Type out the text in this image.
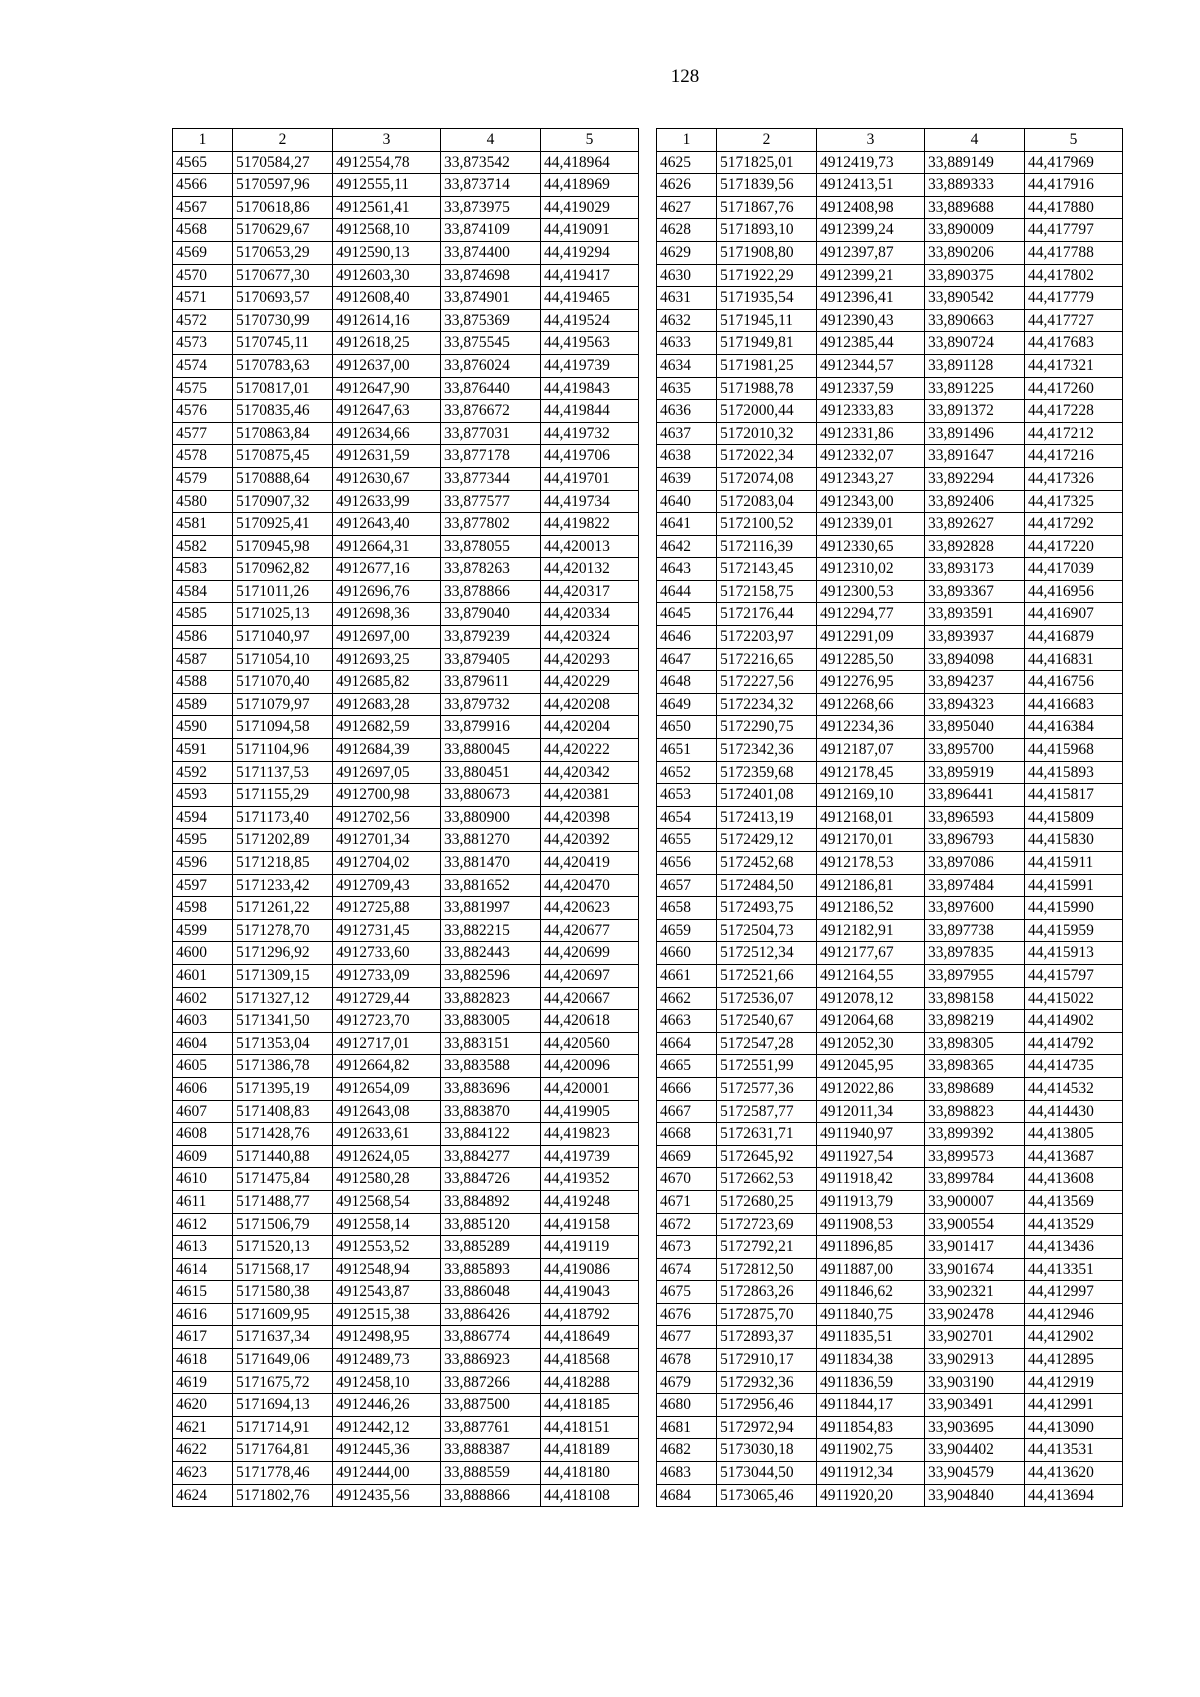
128
1	2	3	4	5
4565	5170584,27	4912554,78	33,873542	44,418964
4566	5170597,96	4912555,11	33,873714	44,418969
4567	5170618,86	4912561,41	33,873975	44,419029
4568	5170629,67	4912568,10	33,874109	44,419091
4569	5170653,29	4912590,13	33,874400	44,419294
4570	5170677,30	4912603,30	33,874698	44,419417
4571	5170693,57	4912608,40	33,874901	44,419465
4572	5170730,99	4912614,16	33,875369	44,419524
4573	5170745,11	4912618,25	33,875545	44,419563
4574	5170783,63	4912637,00	33,876024	44,419739
4575	5170817,01	4912647,90	33,876440	44,419843
4576	5170835,46	4912647,63	33,876672	44,419844
4577	5170863,84	4912634,66	33,877031	44,419732
4578	5170875,45	4912631,59	33,877178	44,419706
4579	5170888,64	4912630,67	33,877344	44,419701
4580	5170907,32	4912633,99	33,877577	44,419734
4581	5170925,41	4912643,40	33,877802	44,419822
4582	5170945,98	4912664,31	33,878055	44,420013
4583	5170962,82	4912677,16	33,878263	44,420132
4584	5171011,26	4912696,76	33,878866	44,420317
4585	5171025,13	4912698,36	33,879040	44,420334
4586	5171040,97	4912697,00	33,879239	44,420324
4587	5171054,10	4912693,25	33,879405	44,420293
4588	5171070,40	4912685,82	33,879611	44,420229
4589	5171079,97	4912683,28	33,879732	44,420208
4590	5171094,58	4912682,59	33,879916	44,420204
4591	5171104,96	4912684,39	33,880045	44,420222
4592	5171137,53	4912697,05	33,880451	44,420342
4593	5171155,29	4912700,98	33,880673	44,420381
4594	5171173,40	4912702,56	33,880900	44,420398
4595	5171202,89	4912701,34	33,881270	44,420392
4596	5171218,85	4912704,02	33,881470	44,420419
4597	5171233,42	4912709,43	33,881652	44,420470
4598	5171261,22	4912725,88	33,881997	44,420623
4599	5171278,70	4912731,45	33,882215	44,420677
4600	5171296,92	4912733,60	33,882443	44,420699
4601	5171309,15	4912733,09	33,882596	44,420697
4602	5171327,12	4912729,44	33,882823	44,420667
4603	5171341,50	4912723,70	33,883005	44,420618
4604	5171353,04	4912717,01	33,883151	44,420560
4605	5171386,78	4912664,82	33,883588	44,420096
4606	5171395,19	4912654,09	33,883696	44,420001
4607	5171408,83	4912643,08	33,883870	44,419905
4608	5171428,76	4912633,61	33,884122	44,419823
4609	5171440,88	4912624,05	33,884277	44,419739
4610	5171475,84	4912580,28	33,884726	44,419352
4611	5171488,77	4912568,54	33,884892	44,419248
4612	5171506,79	4912558,14	33,885120	44,419158
4613	5171520,13	4912553,52	33,885289	44,419119
4614	5171568,17	4912548,94	33,885893	44,419086
4615	5171580,38	4912543,87	33,886048	44,419043
4616	5171609,95	4912515,38	33,886426	44,418792
4617	5171637,34	4912498,95	33,886774	44,418649
4618	5171649,06	4912489,73	33,886923	44,418568
4619	5171675,72	4912458,10	33,887266	44,418288
4620	5171694,13	4912446,26	33,887500	44,418185
4621	5171714,91	4912442,12	33,887761	44,418151
4622	5171764,81	4912445,36	33,888387	44,418189
4623	5171778,46	4912444,00	33,888559	44,418180
4624	5171802,76	4912435,56	33,888866	44,418108
1	2	3	4	5
4625	5171825,01	4912419,73	33,889149	44,417969
4626	5171839,56	4912413,51	33,889333	44,417916
4627	5171867,76	4912408,98	33,889688	44,417880
4628	5171893,10	4912399,24	33,890009	44,417797
4629	5171908,80	4912397,87	33,890206	44,417788
4630	5171922,29	4912399,21	33,890375	44,417802
4631	5171935,54	4912396,41	33,890542	44,417779
4632	5171945,11	4912390,43	33,890663	44,417727
4633	5171949,81	4912385,44	33,890724	44,417683
4634	5171981,25	4912344,57	33,891128	44,417321
4635	5171988,78	4912337,59	33,891225	44,417260
4636	5172000,44	4912333,83	33,891372	44,417228
4637	5172010,32	4912331,86	33,891496	44,417212
4638	5172022,34	4912332,07	33,891647	44,417216
4639	5172074,08	4912343,27	33,892294	44,417326
4640	5172083,04	4912343,00	33,892406	44,417325
4641	5172100,52	4912339,01	33,892627	44,417292
4642	5172116,39	4912330,65	33,892828	44,417220
4643	5172143,45	4912310,02	33,893173	44,417039
4644	5172158,75	4912300,53	33,893367	44,416956
4645	5172176,44	4912294,77	33,893591	44,416907
4646	5172203,97	4912291,09	33,893937	44,416879
4647	5172216,65	4912285,50	33,894098	44,416831
4648	5172227,56	4912276,95	33,894237	44,416756
4649	5172234,32	4912268,66	33,894323	44,416683
4650	5172290,75	4912234,36	33,895040	44,416384
4651	5172342,36	4912187,07	33,895700	44,415968
4652	5172359,68	4912178,45	33,895919	44,415893
4653	5172401,08	4912169,10	33,896441	44,415817
4654	5172413,19	4912168,01	33,896593	44,415809
4655	5172429,12	4912170,01	33,896793	44,415830
4656	5172452,68	4912178,53	33,897086	44,415911
4657	5172484,50	4912186,81	33,897484	44,415991
4658	5172493,75	4912186,52	33,897600	44,415990
4659	5172504,73	4912182,91	33,897738	44,415959
4660	5172512,34	4912177,67	33,897835	44,415913
4661	5172521,66	4912164,55	33,897955	44,415797
4662	5172536,07	4912078,12	33,898158	44,415022
4663	5172540,67	4912064,68	33,898219	44,414902
4664	5172547,28	4912052,30	33,898305	44,414792
4665	5172551,99	4912045,95	33,898365	44,414735
4666	5172577,36	4912022,86	33,898689	44,414532
4667	5172587,77	4912011,34	33,898823	44,414430
4668	5172631,71	4911940,97	33,899392	44,413805
4669	5172645,92	4911927,54	33,899573	44,413687
4670	5172662,53	4911918,42	33,899784	44,413608
4671	5172680,25	4911913,79	33,900007	44,413569
4672	5172723,69	4911908,53	33,900554	44,413529
4673	5172792,21	4911896,85	33,901417	44,413436
4674	5172812,50	4911887,00	33,901674	44,413351
4675	5172863,26	4911846,62	33,902321	44,412997
4676	5172875,70	4911840,75	33,902478	44,412946
4677	5172893,37	4911835,51	33,902701	44,412902
4678	5172910,17	4911834,38	33,902913	44,412895
4679	5172932,36	4911836,59	33,903190	44,412919
4680	5172956,46	4911844,17	33,903491	44,412991
4681	5172972,94	4911854,83	33,903695	44,413090
4682	5173030,18	4911902,75	33,904402	44,413531
4683	5173044,50	4911912,34	33,904579	44,413620
4684	5173065,46	4911920,20	33,904840	44,413694
